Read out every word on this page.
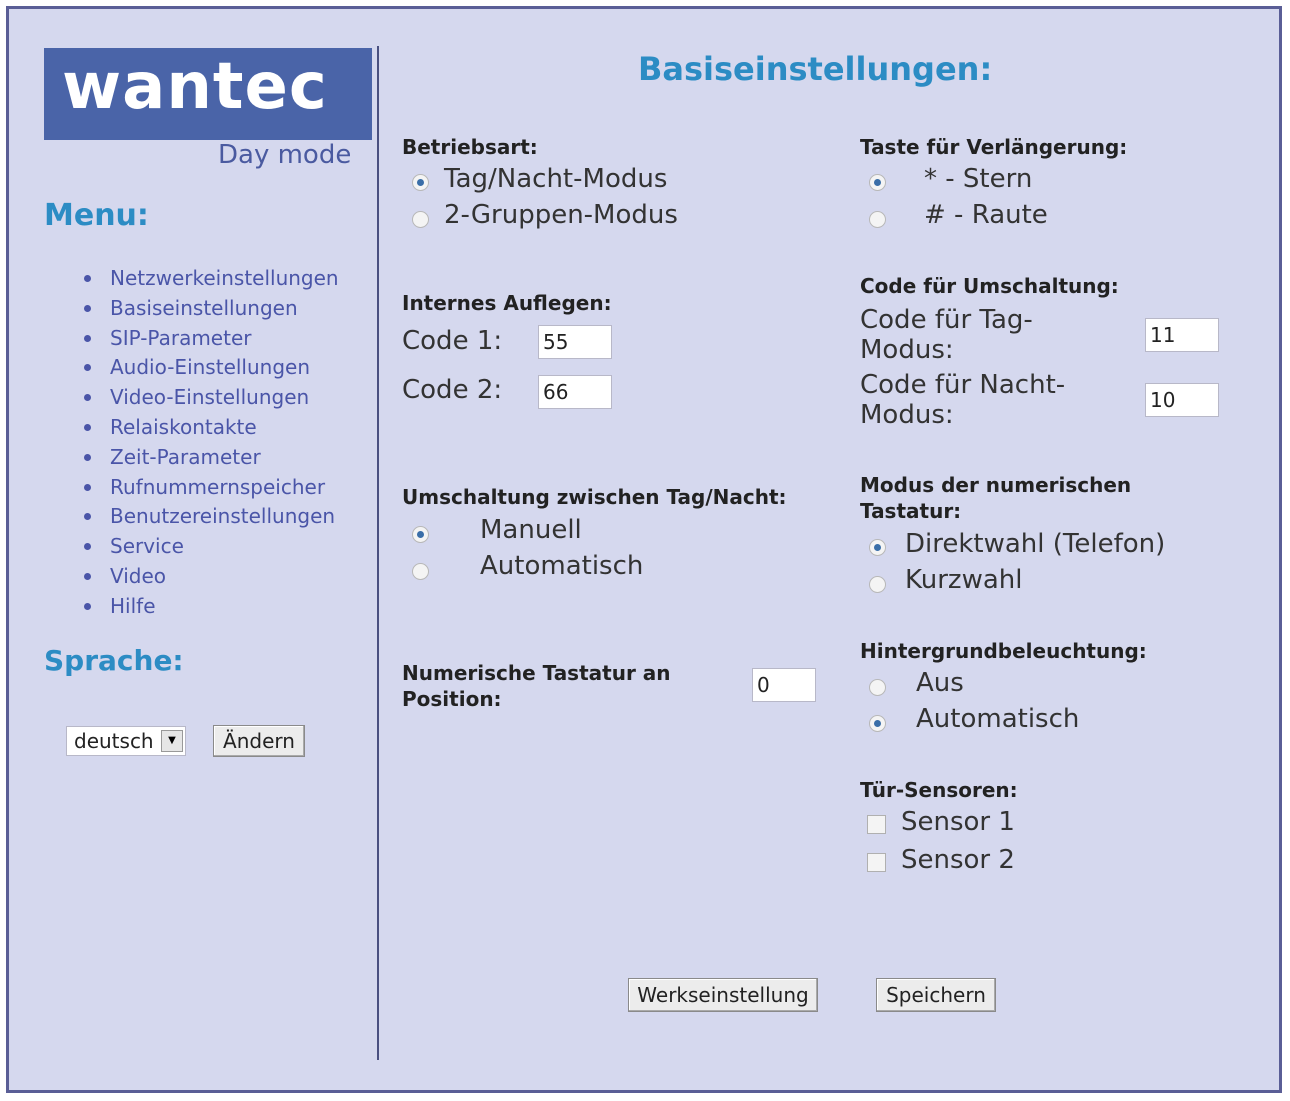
wantec
Day mode
Menu:
Netzwerkeinstellungen
Basiseinstellungen
SIP-Parameter
Audio-Einstellungen
Video-Einstellungen
Relaiskontakte
Zeit-Parameter
Rufnummernspeicher
Benutzereinstellungen
Service
Video
Hilfe
Sprache:
deutsch	▼	Ändern
Basiseinstellungen:
Betriebsart:
Tag/Nacht-Modus
2-Gruppen-Modus
Internes Auflegen:
Code 1: 55
Code 2: 66
Umschaltung zwischen Tag/Nacht:
Manuell
Automatisch
Numerische Tastatur an Position:
0
Taste für Verlängerung:
* - Stern
# - Raute
Code für Umschaltung:
Code für Tag-Modus:	11
Code für Nacht-Modus:	10
Modus der numerischen Tastatur:
Direktwahl (Telefon)
Kurzwahl
Hintergrundbeleuchtung:
Aus
Automatisch
Tür-Sensoren:
Sensor 1
Sensor 2
Werkseinstellung	Speichern
